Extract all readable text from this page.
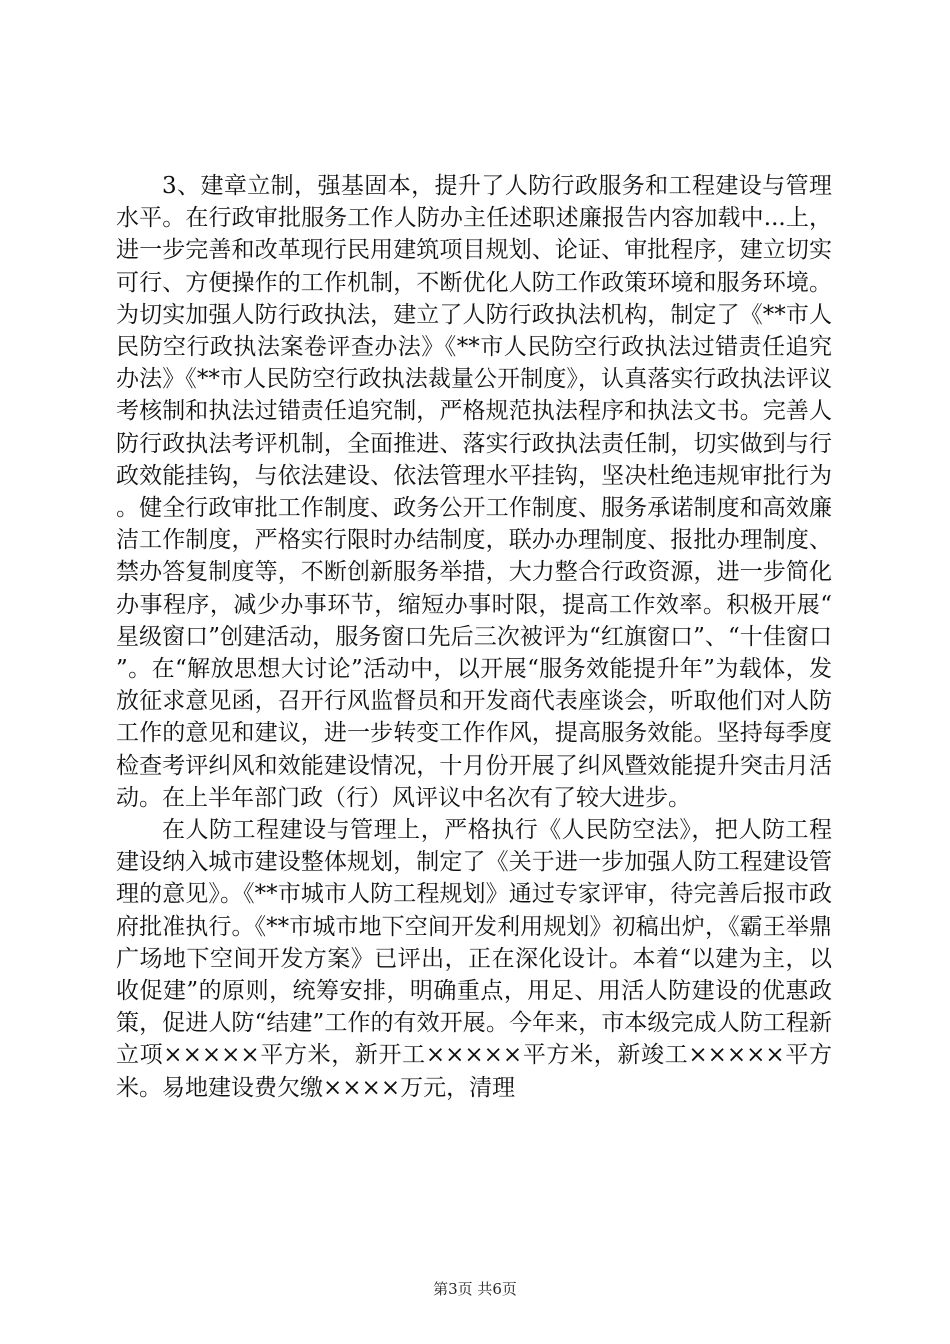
3、建章立制，强基固本，提升了人防行政服务和工程建设与管理水平。在行政审批服务工作人防办主任述职述廉报告内容加载中...上，进一步完善和改革现行民用建筑项目规划、论证、审批程序，建立切实可行、方便操作的工作机制，不断优化人防工作政策环境和服务环境。为切实加强人防行政执法，建立了人防行政执法机构，制定了《**市人民防空行政执法案卷评查办法》《**市人民防空行政执法过错责任追究办法》《**市人民防空行政执法裁量公开制度》，认真落实行政执法评议考核制和执法过错责任追究制，严格规范执法程序和执法文书。完善人防行政执法考评机制，全面推进、落实行政执法责任制，切实做到与行政效能挂钩，与依法建设、依法管理水平挂钩，坚决杜绝违规审批行为。健全行政审批工作制度、政务公开工作制度、服务承诺制度和高效廉洁工作制度，严格实行限时办结制度，联办办理制度、报批办理制度、禁办答复制度等，不断创新服务举措，大力整合行政资源，进一步简化办事程序，减少办事环节，缩短办事时限，提高工作效率。积极开展“星级窗口”创建活动，服务窗口先后三次被评为“红旗窗口”、“十佳窗口”。在“解放思想大讨论”活动中，以开展“服务效能提升年”为载体，发放征求意见函，召开行风监督员和开发商代表座谈会，听取他们对人防工作的意见和建议，进一步转变工作作风，提高服务效能。坚持每季度检查考评纠风和效能建设情况，十月份开展了纠风暨效能提升突击月活动。在上半年部门政（行）风评议中名次有了较大进步。

在人防工程建设与管理上，严格执行《人民防空法》，把人防工程建设纳入城市建设整体规划，制定了《关于进一步加强人防工程建设管理的意见》。《**市城市人防工程规划》通过专家评审，待完善后报市政府批准执行。《**市城市地下空间开发利用规划》初稿出炉，《霸王举鼎广场地下空间开发方案》已评出，正在深化设计。本着“以建为主，以收促建”的原则，统筹安排，明确重点，用足、用活人防建设的优惠政策，促进人防“结建”工作的有效开展。今年来，市本级完成人防工程新立项×××××平方米，新开工×××××平方米，新竣工×××××平方米。易地建设费欠缴××××万元，清理

第3页 共6页
